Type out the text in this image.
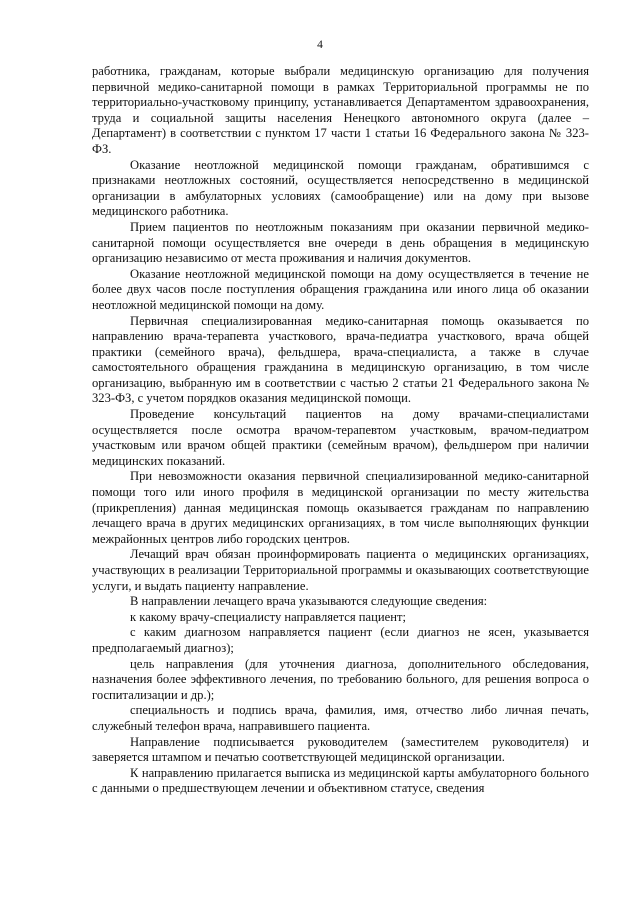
4

работника, гражданам, которые выбрали медицинскую организацию для получения первичной медико-санитарной помощи в рамках Территориальной программы не по территориально-участковому принципу, устанавливается Департаментом здравоохранения, труда и социальной защиты населения Ненецкого автономного округа (далее – Департамент) в соответствии с пунктом 17 части 1 статьи 16 Федерального закона № 323-ФЗ.

Оказание неотложной медицинской помощи гражданам, обратившимся с признаками неотложных состояний, осуществляется непосредственно в медицинской организации в амбулаторных условиях (самообращение) или на дому при вызове медицинского работника.

Прием пациентов по неотложным показаниям при оказании первичной медико-санитарной помощи осуществляется вне очереди в день обращения в медицинскую организацию независимо от места проживания и наличия документов.

Оказание неотложной медицинской помощи на дому осуществляется в течение не более двух часов после поступления обращения гражданина или иного лица об оказании неотложной медицинской помощи на дому.

Первичная специализированная медико-санитарная помощь оказывается по направлению врача-терапевта участкового, врача-педиатра участкового, врача общей практики (семейного врача), фельдшера, врача-специалиста, а также в случае самостоятельного обращения гражданина в медицинскую организацию, в том числе организацию, выбранную им в соответствии с частью 2 статьи 21 Федерального закона № 323-ФЗ, с учетом порядков оказания медицинской помощи.

Проведение консультаций пациентов на дому врачами-специалистами осуществляется после осмотра врачом-терапевтом участковым, врачом-педиатром участковым или врачом общей практики (семейным врачом), фельдшером при наличии медицинских показаний.

При невозможности оказания первичной специализированной медико-санитарной помощи того или иного профиля в медицинской организации по месту жительства (прикрепления) данная медицинская помощь оказывается гражданам по направлению лечащего врача в других медицинских организациях, в том числе выполняющих функции межрайонных центров либо городских центров.

Лечащий врач обязан проинформировать пациента о медицинских организациях, участвующих в реализации Территориальной программы и оказывающих соответствующие услуги, и выдать пациенту направление.

В направлении лечащего врача указываются следующие сведения:

к какому врачу-специалисту направляется пациент;

с каким диагнозом направляется пациент (если диагноз не ясен, указывается предполагаемый диагноз);

цель направления (для уточнения диагноза, дополнительного обследования, назначения более эффективного лечения, по требованию больного, для решения вопроса о госпитализации и др.);

специальность и подпись врача, фамилия, имя, отчество либо личная печать, служебный телефон врача, направившего пациента.

Направление подписывается руководителем (заместителем руководителя) и заверяется штампом и печатью соответствующей медицинской организации.

К направлению прилагается выписка из медицинской карты амбулаторного больного с данными о предшествующем лечении и объективном статусе, сведения
